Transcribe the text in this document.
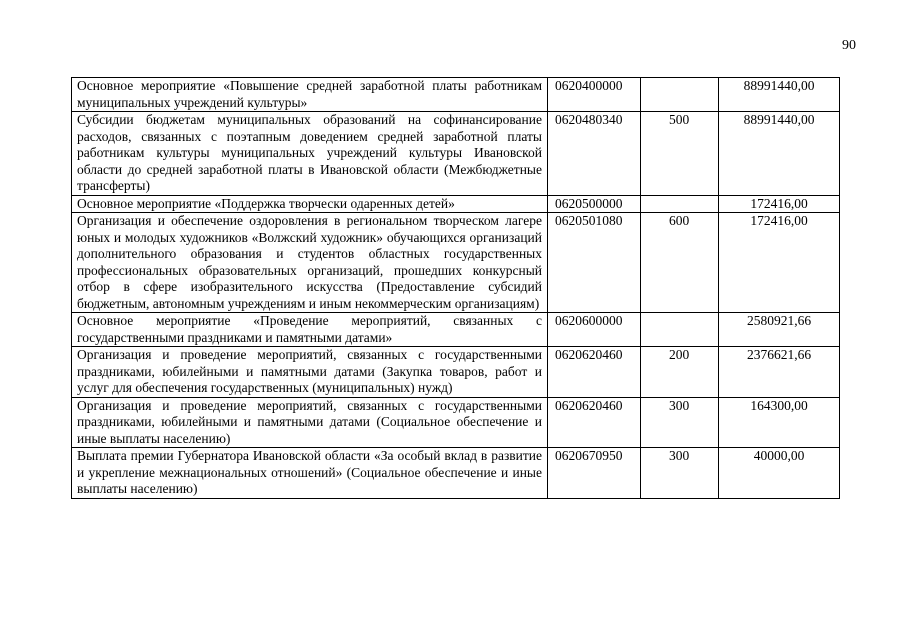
90
Основное мероприятие «Повышение средней заработной платы работникам муниципальных учреждений культуры»	0620400000		88991440,00
Субсидии бюджетам муниципальных образований на софинансирование расходов, связанных с поэтапным доведением средней заработной платы работникам культуры муниципальных учреждений культуры Ивановской области до средней заработной платы в Ивановской области (Межбюджетные трансферты)	0620480340	500	88991440,00
Основное мероприятие «Поддержка творчески одаренных детей»	0620500000		172416,00
Организация и обеспечение оздоровления в региональном творческом лагере юных и молодых художников «Волжский художник» обучающихся организаций дополнительного образования и студентов областных государственных профессиональных образовательных организаций, прошедших конкурсный отбор в сфере изобразительного искусства (Предоставление субсидий бюджетным, автономным учреждениям и иным некоммерческим организациям)	0620501080	600	172416,00
Основное мероприятие «Проведение мероприятий, связанных с государственными праздниками и памятными датами»	0620600000		2580921,66
Организация и проведение мероприятий, связанных с государственными праздниками, юбилейными и памятными датами (Закупка товаров, работ и услуг для обеспечения государственных (муниципальных) нужд)	0620620460	200	2376621,66
Организация и проведение мероприятий, связанных с государственными праздниками, юбилейными и памятными датами (Социальное обеспечение и иные выплаты населению)	0620620460	300	164300,00
Выплата премии Губернатора Ивановской области «За особый вклад в развитие и укрепление межнациональных отношений» (Социальное обеспечение и иные выплаты населению)	0620670950	300	40000,00
